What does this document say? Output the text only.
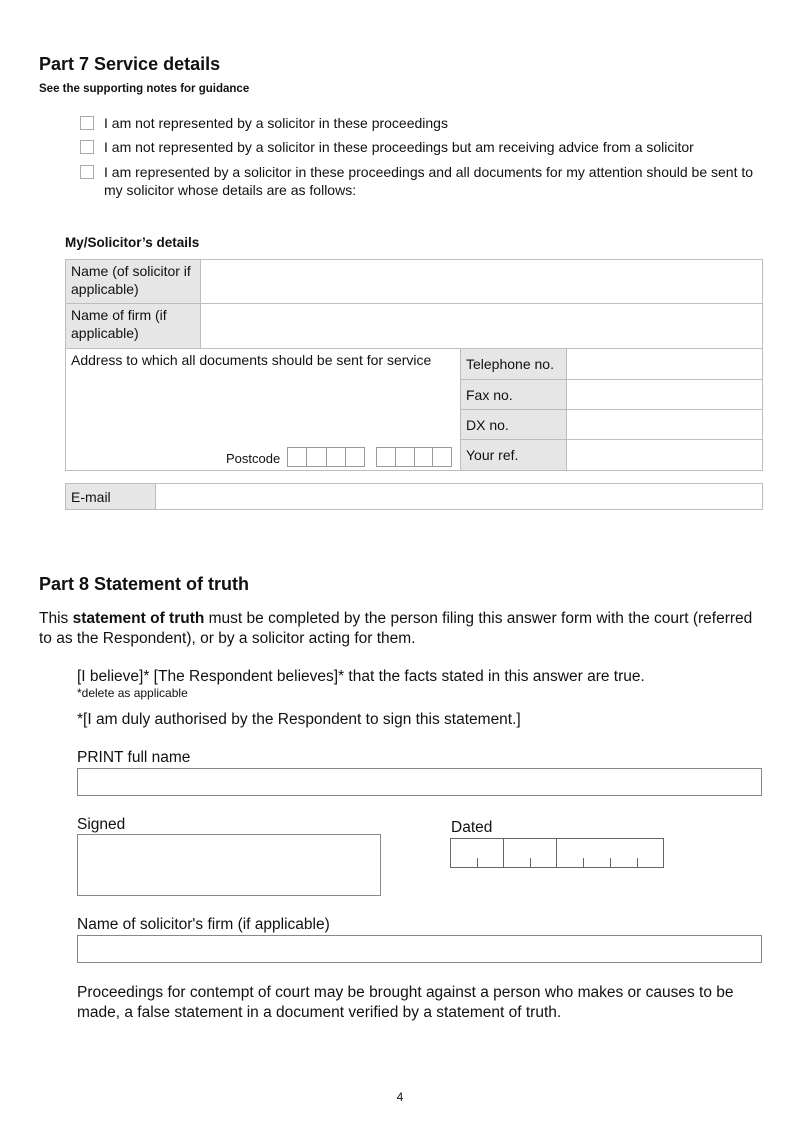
Part 7 Service details
See the supporting notes for guidance
I am not represented by a solicitor in these proceedings
I am not represented by a solicitor in these proceedings but am receiving advice from a solicitor
I am represented by a solicitor in these proceedings and all documents for my attention should be sent to my solicitor whose details are as follows:
My/Solicitor’s details
Name (of solicitor if applicable)
Name of firm (if applicable)
Address to which all documents should be sent for service
Postcode
Telephone no.
Fax no.
DX no.
Your ref.
E-mail
Part 8 Statement of truth
This statement of truth must be completed by the person filing this answer form with the court (referred to as the Respondent), or by a solicitor acting for them.
[I believe]* [The Respondent believes]* that the facts stated in this answer are true.
*delete as applicable
*[I am duly authorised by the Respondent to sign this statement.]
PRINT full name
Signed	Dated
Name of solicitor's firm (if applicable)
Proceedings for contempt of court may be brought against a person who makes or causes to be made, a false statement in a document verified by a statement of truth.
4
